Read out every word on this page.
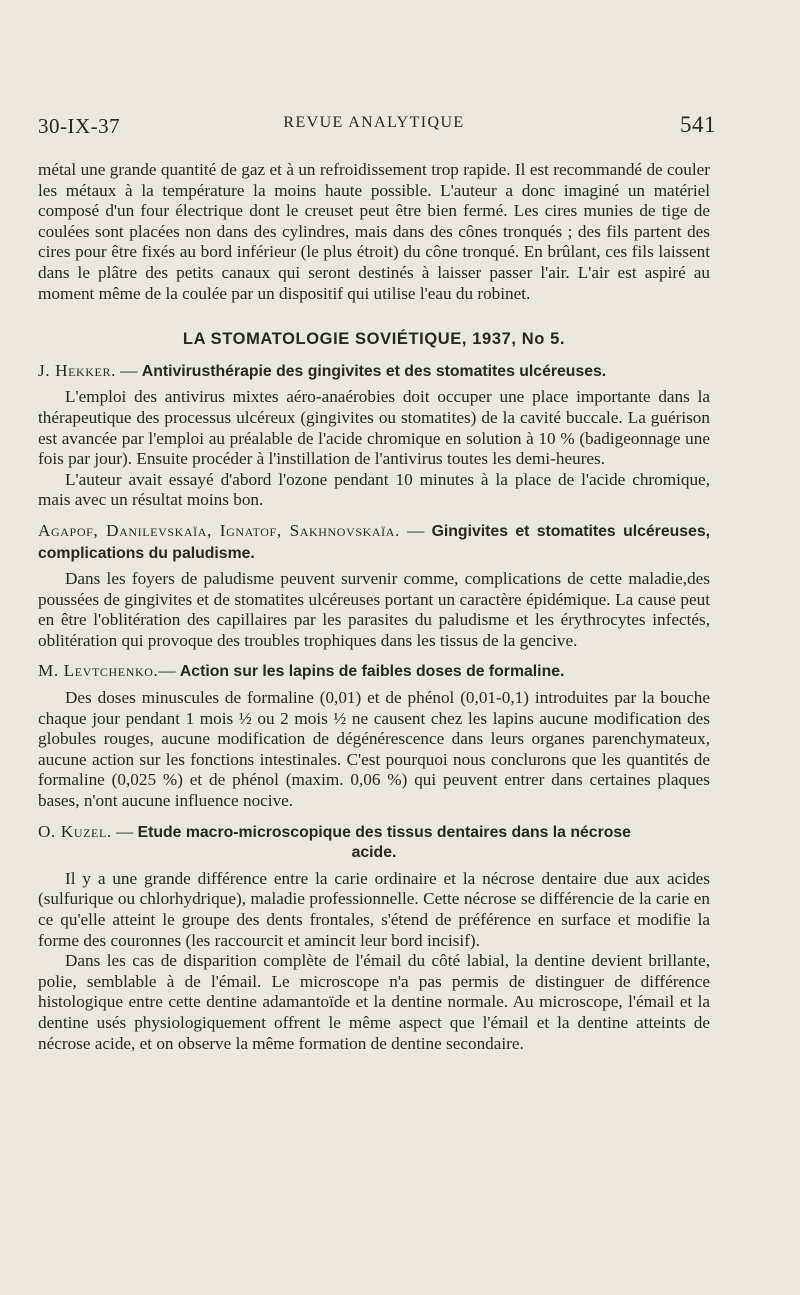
30-IX-37	REVUE ANALYTIQUE	541

métal une grande quantité de gaz et à un refroidissement trop rapide. Il est recommandé de couler les métaux à la température la moins haute possible. L'auteur a donc imaginé un matériel composé d'un four électrique dont le creuset peut être bien fermé. Les cires munies de tige de coulées sont placées non dans des cylindres, mais dans des cônes tronqués ; des fils partent des cires pour être fixés au bord inférieur (le plus étroit) du cône tronqué. En brûlant, ces fils laissent dans le plâtre des petits canaux qui seront destinés à laisser passer l'air. L'air est aspiré au moment même de la coulée par un dispositif qui utilise l'eau du robinet.

LA STOMATOLOGIE SOVIÉTIQUE, 1937, No 5.

J. Hekker. — Antivirusthérapie des gingivites et des stomatites ulcéreuses.

L'emploi des antivirus mixtes aéro-anaérobies doit occuper une place importante dans la thérapeutique des processus ulcéreux (gingivites ou stomatites) de la cavité buccale. La guérison est avancée par l'emploi au préalable de l'acide chromique en solution à 10 % (badigeonnage une fois par jour). Ensuite procéder à l'instillation de l'antivirus toutes les demi-heures.

L'auteur avait essayé d'abord l'ozone pendant 10 minutes à la place de l'acide chromique, mais avec un résultat moins bon.

Agapof, Danilevskaïa, Ignatof, Sakhnovskaïa. — Gingivites et stomatites ulcéreuses, complications du paludisme.

Dans les foyers de paludisme peuvent survenir comme, complications de cette maladie,des poussées de gingivites et de stomatites ulcéreuses portant un caractère épidémique. La cause peut en être l'oblitération des capillaires par les parasites du paludisme et les érythrocytes infectés, oblitération qui provoque des troubles trophiques dans les tissus de la gencive.

M. Levtchenko.— Action sur les lapins de faibles doses de formaline.

Des doses minuscules de formaline (0,01) et de phénol (0,01-0,1) introduites par la bouche chaque jour pendant 1 mois ½ ou 2 mois ½ ne causent chez les lapins aucune modification des globules rouges, aucune modification de dégénérescence dans leurs organes parenchymateux, aucune action sur les fonctions intestinales. C'est pourquoi nous conclurons que les quantités de formaline (0,025 %) et de phénol (maxim. 0,06 %) qui peuvent entrer dans certaines plaques bases, n'ont aucune influence nocive.

O. Kuzel. — Etude macro-microscopique des tissus dentaires dans la nécrose
acide.

Il y a une grande différence entre la carie ordinaire et la nécrose dentaire due aux acides (sulfurique ou chlorhydrique), maladie professionnelle. Cette nécrose se différencie de la carie en ce qu'elle atteint le groupe des dents frontales, s'étend de préférence en surface et modifie la forme des couronnes (les raccourcit et amincit leur bord incisif).

Dans les cas de disparition complète de l'émail du côté labial, la dentine devient brillante, polie, semblable à de l'émail. Le microscope n'a pas permis de distinguer de différence histologique entre cette dentine adamantoïde et la dentine normale. Au microscope, l'émail et la dentine usés physiologiquement offrent le même aspect que l'émail et la dentine atteints de nécrose acide, et on observe la même formation de dentine secondaire.
